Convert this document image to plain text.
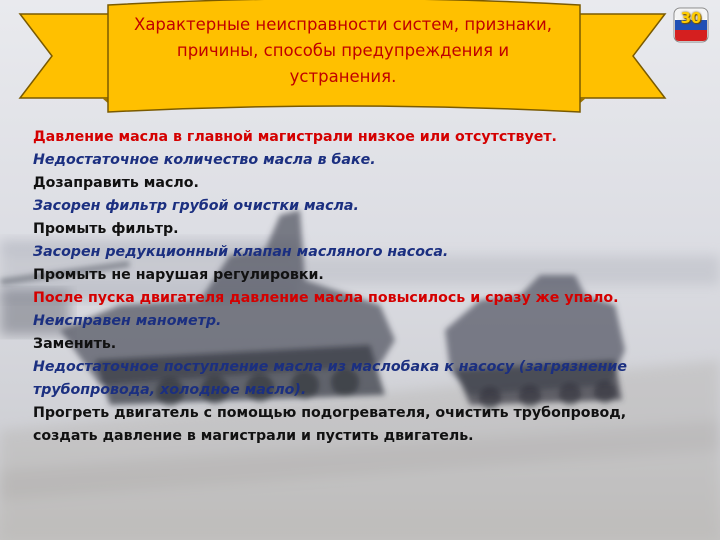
Характерные неисправности систем, признаки, причины, способы предупреждения и устранения.
30
Давление масла в главной магистрали низкое или отсутствует.
Недостаточное количество масла в баке.
Дозаправить масло.
Засорен фильтр грубой очистки масла.
Промыть фильтр.
Засорен редукционный клапан масляного насоса.
Промыть не нарушая регулировки.
После пуска двигателя давление масла повысилось и сразу же упало.
Неисправен манометр.
Заменить.
Недостаточное поступление масла из маслобака к насосу (загрязнение трубопровода, холодное масло).
Прогреть двигатель с помощью подогревателя, очистить трубопровод, создать давление в магистрали и пустить двигатель.
